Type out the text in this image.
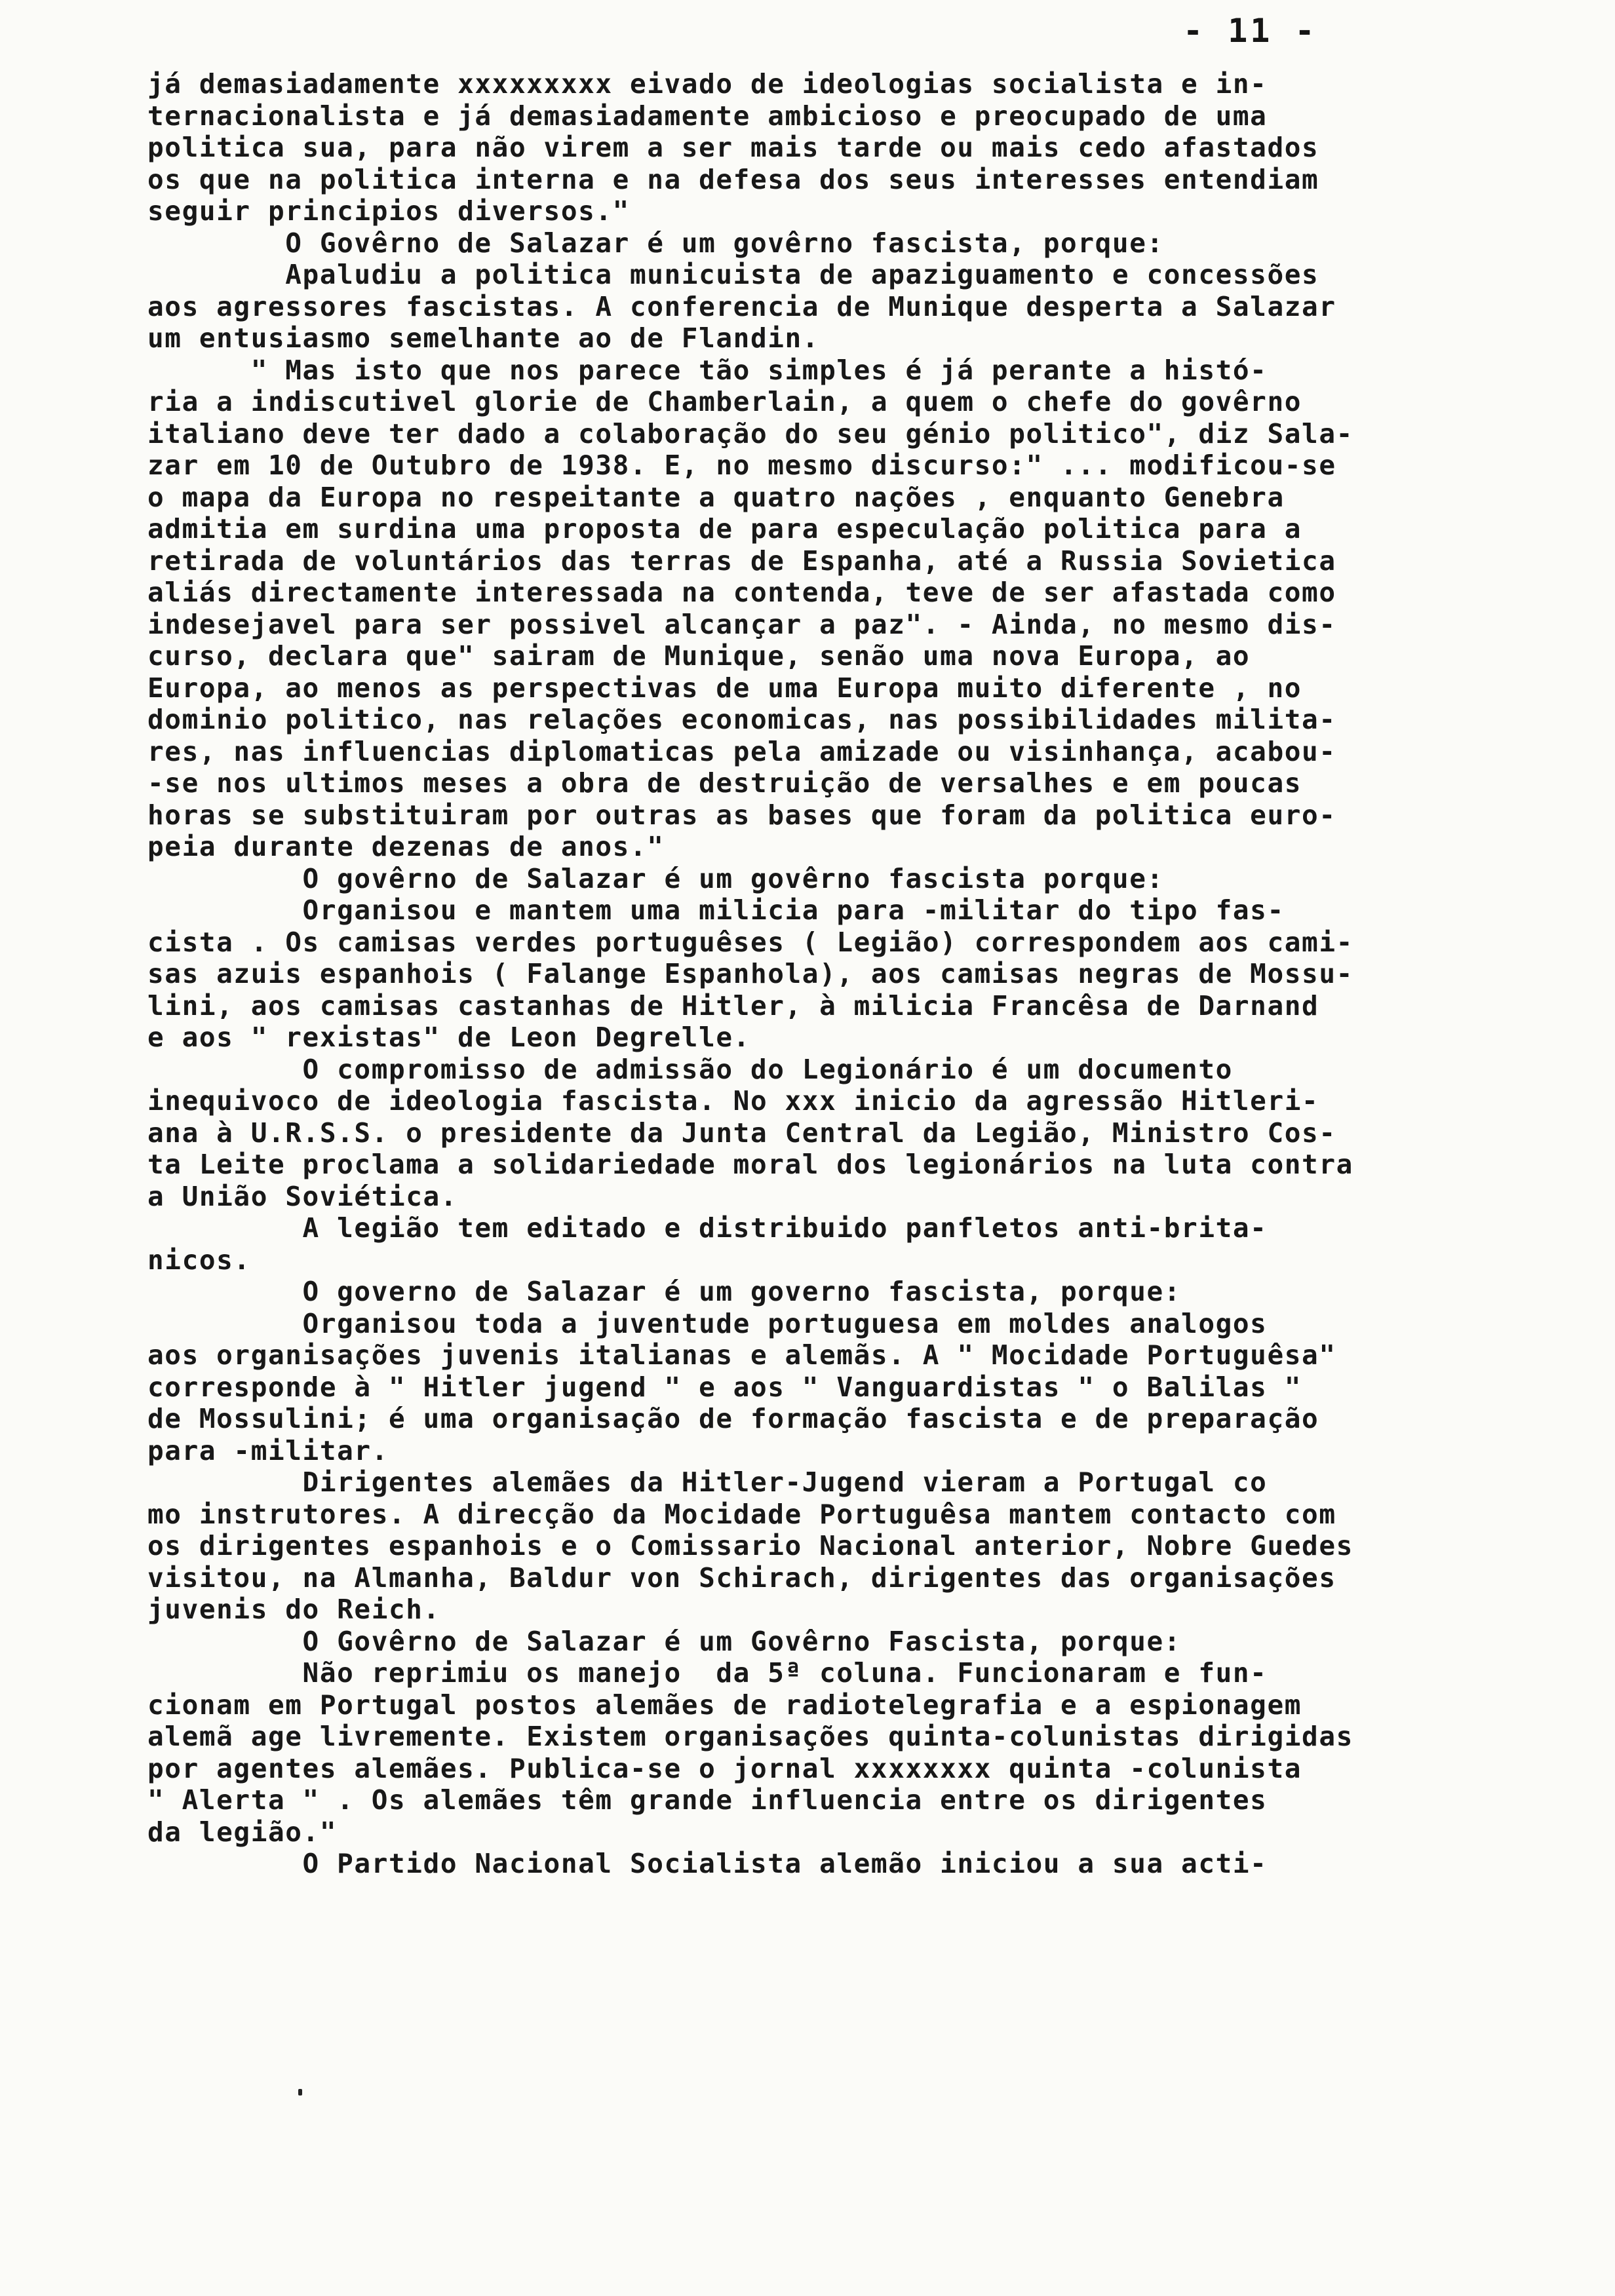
- 11 -
já demasiadamente xxxxxxxxx eivado de ideologias socialista e in-
ternacionalista e já demasiadamente ambicioso e preocupado de uma
politica sua, para não virem a ser mais tarde ou mais cedo afastados
os que na politica interna e na defesa dos seus interesses entendiam
seguir principios diversos."
O Govêrno de Salazar é um govêrno fascista, porque:
Apaludiu a politica municuista de apaziguamento e concessões
aos agressores fascistas. A conferencia de Munique desperta a Salazar
um entusiasmo semelhante ao de Flandin.
" Mas isto que nos parece tão simples é já perante a histó-
ria a indiscutivel glorie de Chamberlain, a quem o chefe do govêrno
italiano deve ter dado a colaboração do seu génio politico", diz Sala-
zar em 10 de Outubro de 1938. E, no mesmo discurso:" ... modificou-se
o mapa da Europa no respeitante a quatro nações , enquanto Genebra
admitia em surdina uma proposta de para especulação politica para a
retirada de voluntários das terras de Espanha, até a Russia Sovietica
aliás directamente interessada na contenda, teve de ser afastada como
indesejavel para ser possivel alcançar a paz". - Ainda, no mesmo dis-
curso, declara que" sairam de Munique, senão uma nova Europa, ao
Europa, ao menos as perspectivas de uma Europa muito diferente , no
dominio politico, nas relações economicas, nas possibilidades milita-
res, nas influencias diplomaticas pela amizade ou visinhança, acabou-
-se nos ultimos meses a obra de destruição de versalhes e em poucas
horas se substituiram por outras as bases que foram da politica euro-
peia durante dezenas de anos."
O govêrno de Salazar é um govêrno fascista porque:
Organisou e mantem uma milicia para -militar do tipo fas-
cista . Os camisas verdes portuguêses ( Legião) correspondem aos cami-
sas azuis espanhois ( Falange Espanhola), aos camisas negras de Mossu-
lini, aos camisas castanhas de Hitler, à milicia Francêsa de Darnand
e aos " rexistas" de Leon Degrelle.
O compromisso de admissão do Legionário é um documento
inequivoco de ideologia fascista. No xxx inicio da agressão Hitleri-
ana à U.R.S.S. o presidente da Junta Central da Legião, Ministro Cos-
ta Leite proclama a solidariedade moral dos legionários na luta contra
a União Soviética.
A legião tem editado e distribuido panfletos anti-brita-
nicos.
O governo de Salazar é um governo fascista, porque:
Organisou toda a juventude portuguesa em moldes analogos
aos organisações juvenis italianas e alemãs. A " Mocidade Portuguêsa"
corresponde à " Hitler jugend " e aos " Vanguardistas " o Balilas "
de Mossulini; é uma organisação de formação fascista e de preparação
para -militar.
Dirigentes alemães da Hitler-Jugend vieram a Portugal co
mo instrutores. A direcção da Mocidade Portuguêsa mantem contacto com
os dirigentes espanhois e o Comissario Nacional anterior, Nobre Guedes
visitou, na Almanha, Baldur von Schirach, dirigentes das organisações
juvenis do Reich.
O Govêrno de Salazar é um Govêrno Fascista, porque:
Não reprimiu os manejo  da 5ª coluna. Funcionaram e fun-
cionam em Portugal postos alemães de radiotelegrafia e a espionagem
alemã age livremente. Existem organisações quinta-colunistas dirigidas
por agentes alemães. Publica-se o jornal xxxxxxxx quinta -colunista
" Alerta " . Os alemães têm grande influencia entre os dirigentes
da legião."
O Partido Nacional Socialista alemão iniciou a sua acti-
